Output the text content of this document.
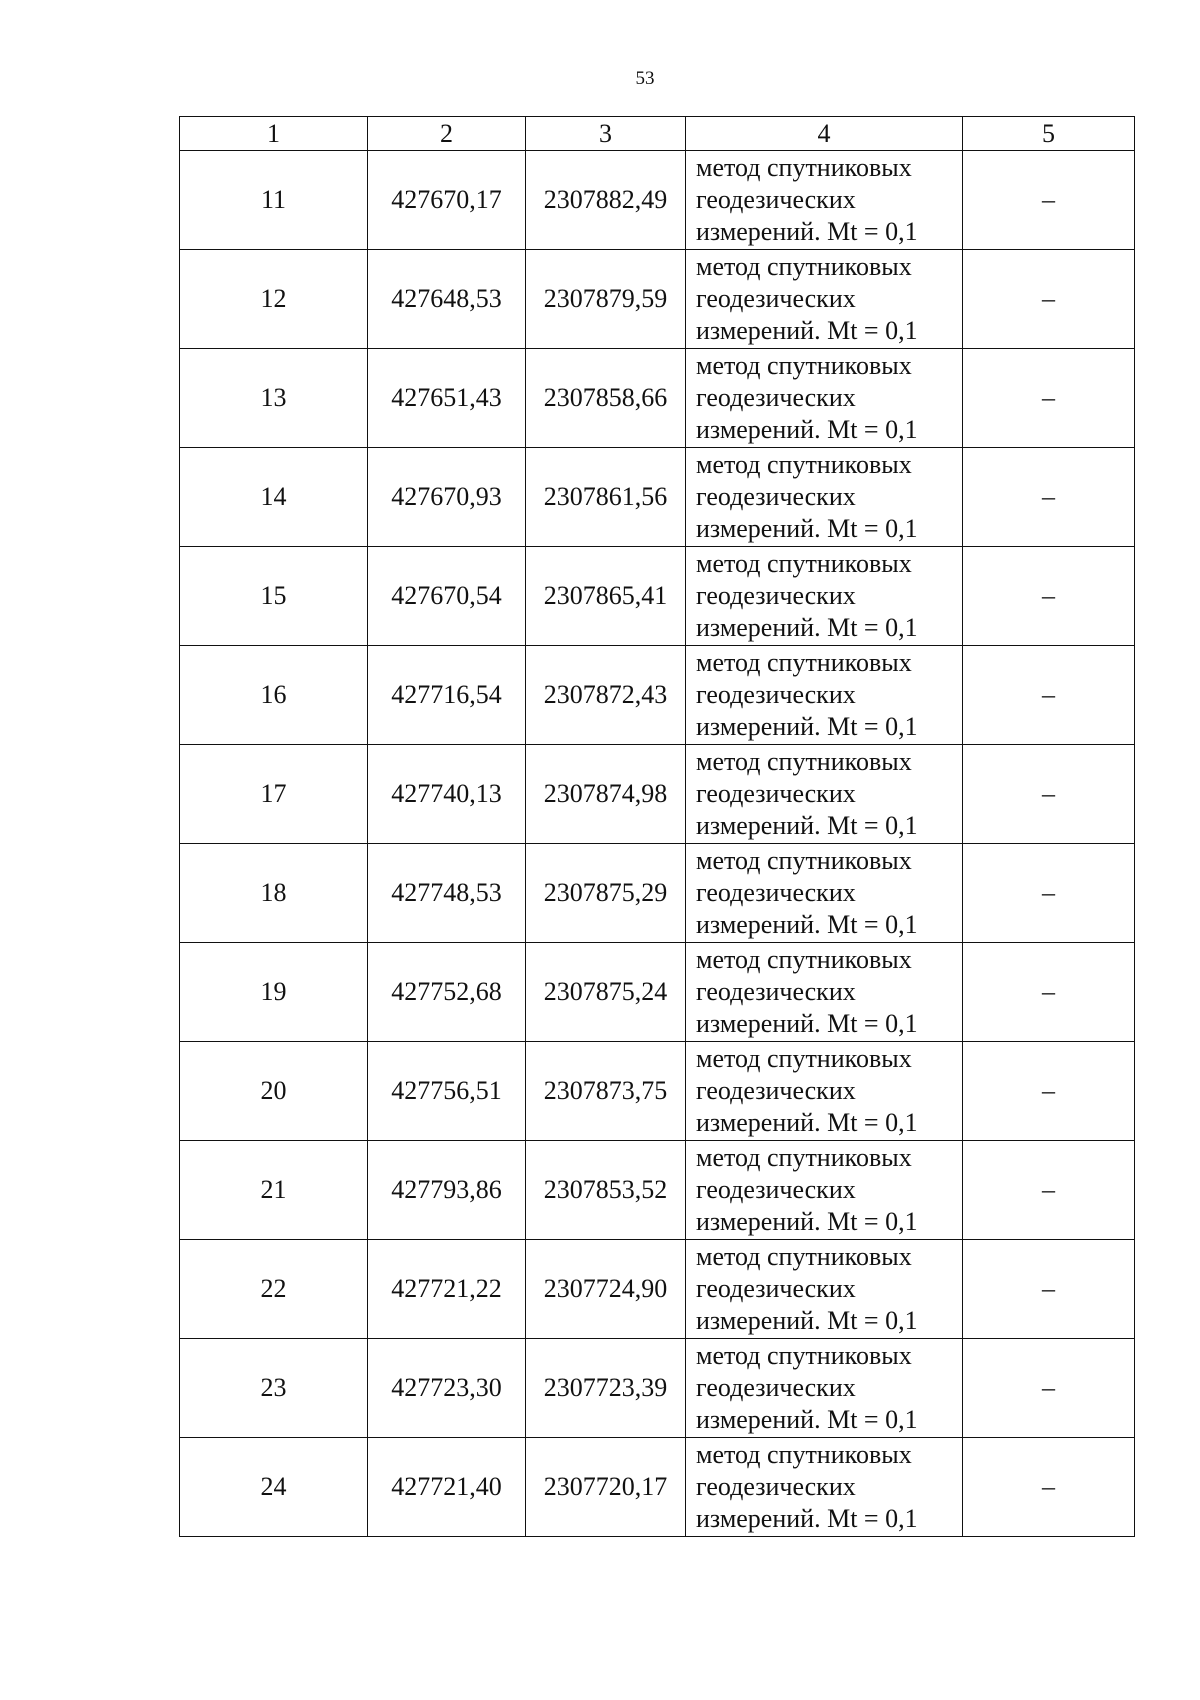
53
1	2	3	4	5
11	427670,17	2307882,49	метод спутниковых
геодезических
измерений. Mt = 0,1	–
12	427648,53	2307879,59	метод спутниковых
геодезических
измерений. Mt = 0,1	–
13	427651,43	2307858,66	метод спутниковых
геодезических
измерений. Mt = 0,1	–
14	427670,93	2307861,56	метод спутниковых
геодезических
измерений. Mt = 0,1	–
15	427670,54	2307865,41	метод спутниковых
геодезических
измерений. Mt = 0,1	–
16	427716,54	2307872,43	метод спутниковых
геодезических
измерений. Mt = 0,1	–
17	427740,13	2307874,98	метод спутниковых
геодезических
измерений. Mt = 0,1	–
18	427748,53	2307875,29	метод спутниковых
геодезических
измерений. Mt = 0,1	–
19	427752,68	2307875,24	метод спутниковых
геодезических
измерений. Mt = 0,1	–
20	427756,51	2307873,75	метод спутниковых
геодезических
измерений. Mt = 0,1	–
21	427793,86	2307853,52	метод спутниковых
геодезических
измерений. Mt = 0,1	–
22	427721,22	2307724,90	метод спутниковых
геодезических
измерений. Mt = 0,1	–
23	427723,30	2307723,39	метод спутниковых
геодезических
измерений. Mt = 0,1	–
24	427721,40	2307720,17	метод спутниковых
геодезических
измерений. Mt = 0,1	–
